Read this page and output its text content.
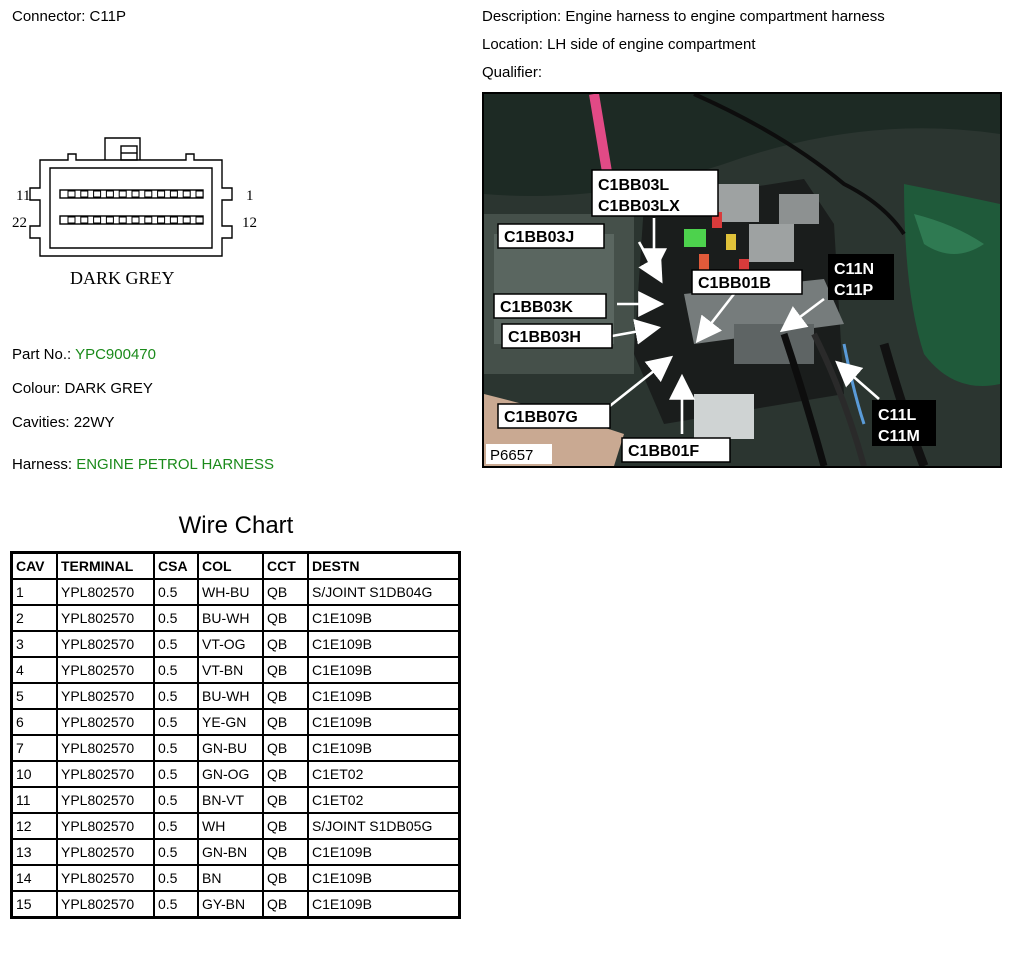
Connector: C11P	Description: Engine harness to engine compartment harness
Location: LH side of engine compartment
Qualifier:
11	1
22	12
DARK GREY
Part No.: YPC900470
Colour: DARK GREY
Cavities: 22WY
Harness: ENGINE PETROL HARNESS
C1BB03L
C1BB03LX
C1BB03J
C1BB01B
C11N
C11P
C1BB03K
C1BB03H
C1BB07G
C1BB01F
C11L
C11M
P6657
Wire Chart
CAV	TERMINAL	CSA	COL	CCT	DESTN
1	YPL802570	0.5	WH-BU	QB	S/JOINT S1DB04G
2	YPL802570	0.5	BU-WH	QB	C1E109B
3	YPL802570	0.5	VT-OG	QB	C1E109B
4	YPL802570	0.5	VT-BN	QB	C1E109B
5	YPL802570	0.5	BU-WH	QB	C1E109B
6	YPL802570	0.5	YE-GN	QB	C1E109B
7	YPL802570	0.5	GN-BU	QB	C1E109B
10	YPL802570	0.5	GN-OG	QB	C1ET02
11	YPL802570	0.5	BN-VT	QB	C1ET02
12	YPL802570	0.5	WH	QB	S/JOINT S1DB05G
13	YPL802570	0.5	GN-BN	QB	C1E109B
14	YPL802570	0.5	BN	QB	C1E109B
15	YPL802570	0.5	GY-BN	QB	C1E109B
